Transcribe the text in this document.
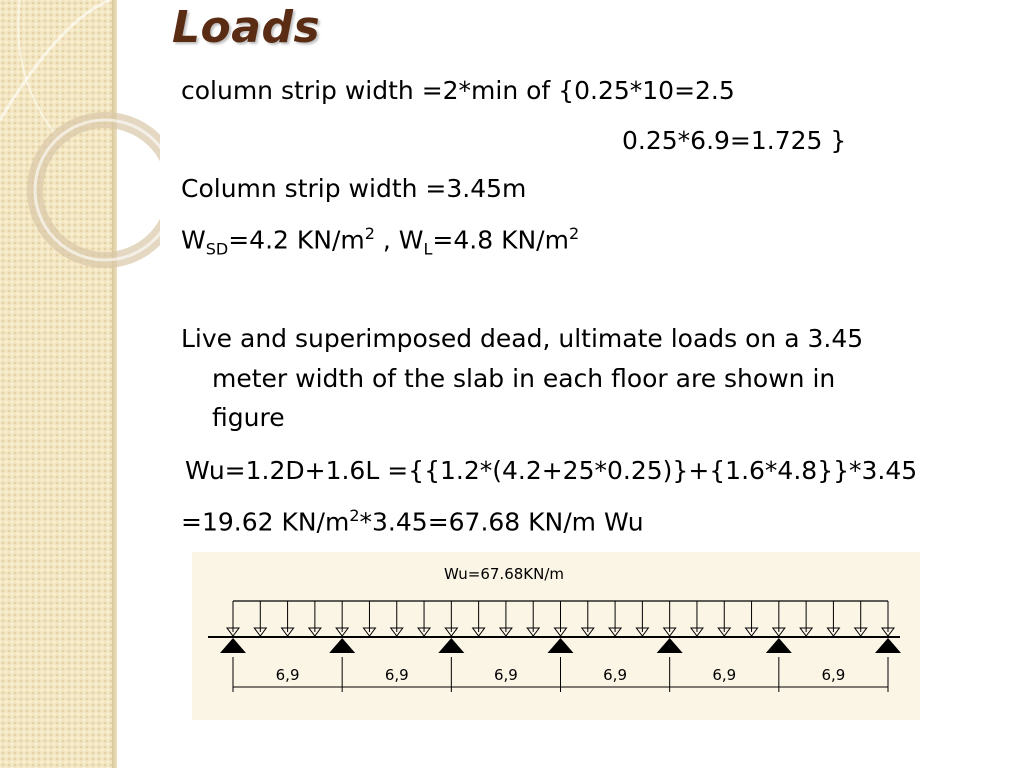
Loads
column strip width =2*min of {0.25*10=2.5
0.25*6.9=1.725 }
Column strip width =3.45m
$W_{SD}=4.2$ $KN/m^2$ , $W_L=4.8$ $KN/m^2$
Live and superimposed dead, ultimate loads on a 3.45
meter width of the slab in each floor are shown in
figure
Wu=1.2D+1.6L ={{1.2*(4.2+25*0.25)}+{1.6*4.8}}*3.45
=19.62 $KN/m^2*3.45=67.68$ KN/m Wu
Wu=67.68KN/m
6,9	6,9	6,9	6,9	6,9	6,9
